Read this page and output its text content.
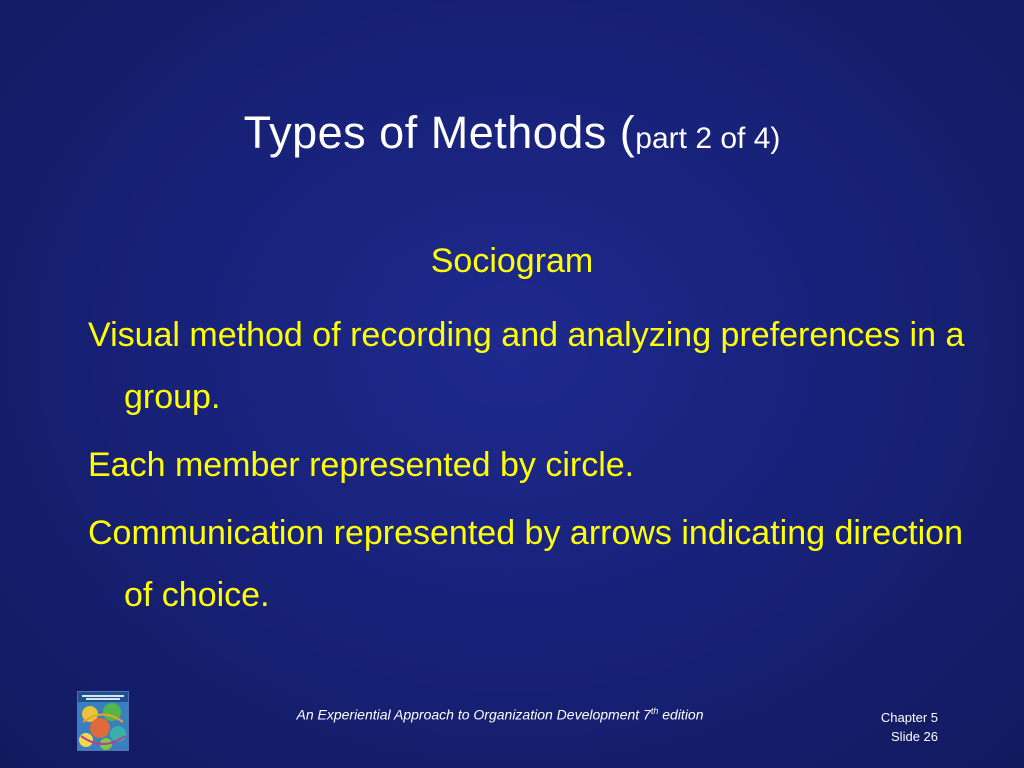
Types of Methods (part 2 of 4)
Sociogram
Visual method of recording and analyzing preferences in a group.
Each member represented by circle.
Communication represented by arrows indicating direction of choice.
An Experiential Approach to Organization Development 7th edition	Chapter 5
Slide 26
